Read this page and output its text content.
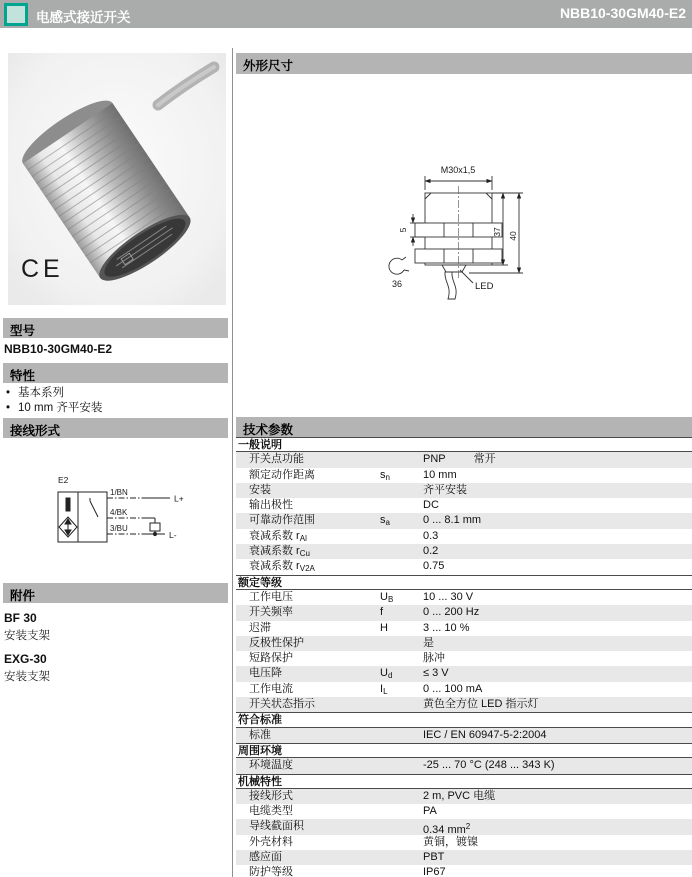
电感式接近开关	NBB10-30GM40-E2
CE
型号
NBB10-30GM40-E2
特性
• 基本系列
• 10 mm 齐平安装
接线形式
E2
1/BN
4/BK
3/BU
L+
L-
附件
BF 30
安装支架
EXG-30
安装支架
外形尺寸
M30x1,5
5	37 40
36	LED
技术参数
一般说明
开关点功能	PNP	常开
额定动作距离	$s_n$	10 mm
安装	齐平安装
输出极性	DC
可靠动作范围	$s_a$	0 ... 8.1 mm
衰减系数 $r_{Al}$	0.3
衰减系数 $r_{Cu}$	0.2
衰减系数 $r_{V2A}$	0.75
额定等级
工作电压	$U_B$	10 ... 30 V
开关频率	f	0 ... 200 Hz
迟滞	H	3 ... 10 %
反极性保护	是
短路保护	脉冲
电压降	$U_d$	≤ 3 V
工作电流	$I_L$	0 ... 100 mA
开关状态指示	黄色全方位 LED 指示灯
符合标准
标准	IEC / EN 60947-5-2:2004
周围环境
环境温度	-25 ... 70 °C (248 ... 343 K)
机械特性
接线形式	2 m, PVC 电缆
电缆类型	PA
导线截面积	0.34 $mm^2$
外壳材料	黄铜，镀镍
感应面	PBT
防护等级	IP67
